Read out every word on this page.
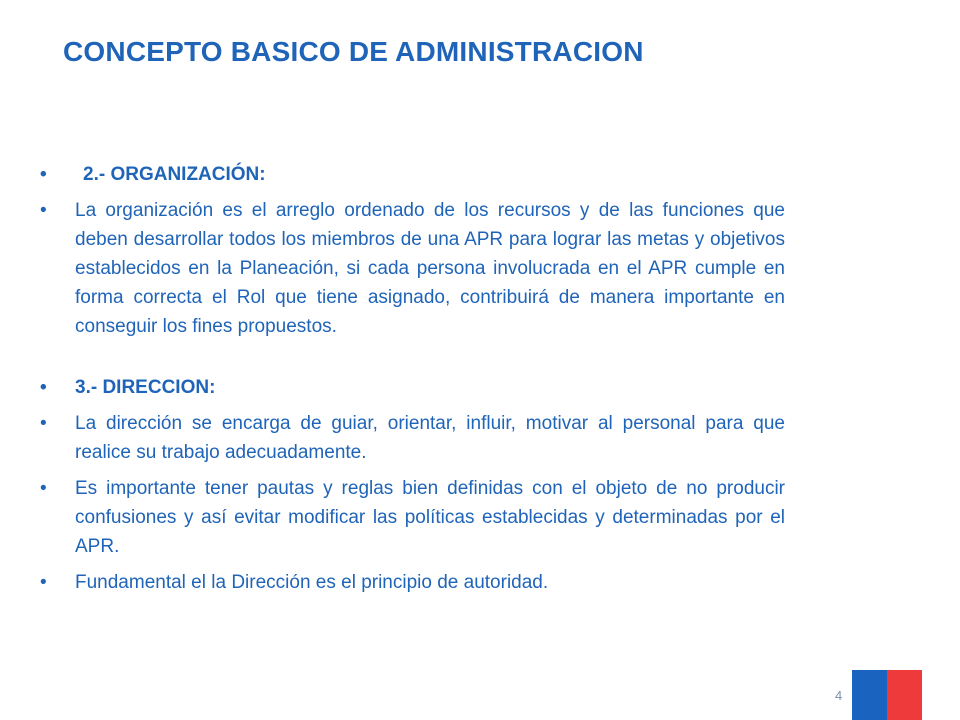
CONCEPTO BASICO DE ADMINISTRACION
• 2.- ORGANIZACIÓN:
• La organización es el arreglo ordenado de los recursos y de las funciones que deben desarrollar todos los miembros de una APR para lograr las metas y objetivos establecidos en la Planeación, si cada persona involucrada en el APR cumple en forma correcta el Rol que tiene asignado, contribuirá de manera importante en conseguir los fines propuestos.
• 3.- DIRECCION:
• La dirección se encarga de guiar, orientar, influir, motivar al personal para que realice su trabajo adecuadamente.
• Es importante tener pautas y reglas bien definidas con el objeto de no producir confusiones y así evitar modificar las políticas establecidas y determinadas por el APR.
• Fundamental el la Dirección es el principio de autoridad.
4
